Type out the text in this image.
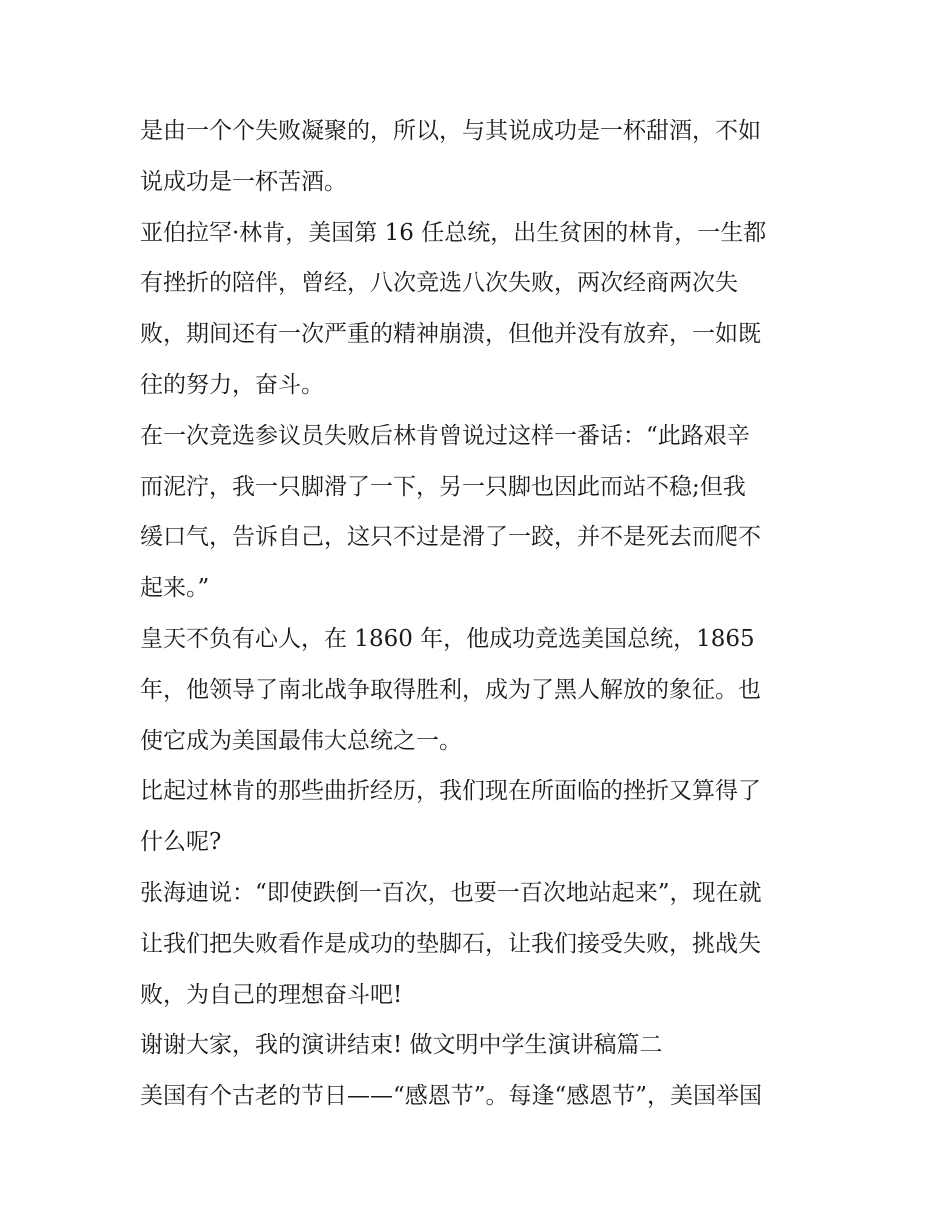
是由一个个失败凝聚的，所以，与其说成功是一杯甜酒，不如
说成功是一杯苦酒。
亚伯拉罕·林肯，美国第 16 任总统，出生贫困的林肯，一生都
有挫折的陪伴，曾经，八次竞选八次失败，两次经商两次失
败，期间还有一次严重的精神崩溃，但他并没有放弃，一如既
往的努力，奋斗。
在一次竞选参议员失败后林肯曾说过这样一番话：“此路艰辛
而泥泞，我一只脚滑了一下，另一只脚也因此而站不稳;但我
缓口气，告诉自己，这只不过是滑了一跤，并不是死去而爬不
起来。”
皇天不负有心人，在 1860 年，他成功竞选美国总统，1865
年，他领导了南北战争取得胜利，成为了黑人解放的象征。也
使它成为美国最伟大总统之一。
比起过林肯的那些曲折经历，我们现在所面临的挫折又算得了
什么呢?
张海迪说：“即使跌倒一百次，也要一百次地站起来”，现在就
让我们把失败看作是成功的垫脚石，让我们接受失败，挑战失
败，为自己的理想奋斗吧!
谢谢大家，我的演讲结束! 做文明中学生演讲稿篇二
美国有个古老的节日——“感恩节”。每逢“感恩节”，美国举国
